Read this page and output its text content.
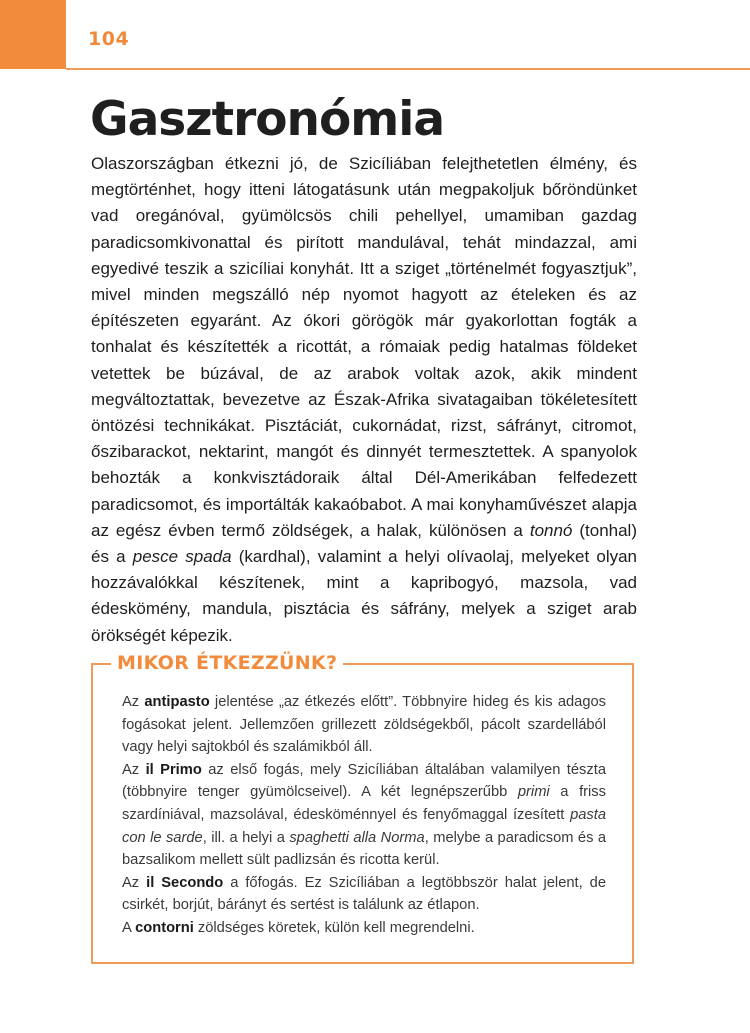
104
Gasztronómia
Olaszországban étkezni jó, de Szicíliában felejthetetlen élmény, és megtörténhet, hogy itteni látogatásunk után megpakoljuk bőröndünket vad oregánóval, gyümölcsös chili pehellyel, umamiban gazdag paradicsomkivonattal és pirított mandulával, tehát mindazzal, ami egyedivé teszik a szicíliai konyhát. Itt a sziget „történelmét fogyasztjuk”, mivel minden megszálló nép nyomot hagyott az ételeken és az építészeten egyaránt. Az ókori görögök már gyakorlottan fogták a tonhalat és készítették a ricottát, a rómaiak pedig hatalmas földeket vetettek be búzával, de az arabok voltak azok, akik mindent megváltoztattak, bevezetve az Észak-Afrika sivatagaiban tökéletesített öntözési technikákat. Pisztáciát, cukornádat, rizst, sáfrányt, citromot, őszibarackot, nektarint, mangót és dinnyét termesztettek. A spanyolok behozták a konkvisztádoraik által Dél-Amerikában felfedezett paradicsomot, és importálták kakaóbabot. A mai konyhaművészet alapja az egész évben termő zöldségek, a halak, különösen a tonnó (tonhal) és a pesce spada (kardhal), valamint a helyi olívaolaj, melyeket olyan hozzávalókkal készítenek, mint a kapribogyó, mazsola, vad édeskömény, mandula, pisztácia és sáfrány, melyek a sziget arab örökségét képezik.
MIKOR ÉTKEZZÜNK?

Az antipasto jelentése „az étkezés előtt”. Többnyire hideg és kis adagos fogásokat jelent. Jellemzően grillezett zöldségekből, pácolt szardellából vagy helyi sajtokból és szalámikból áll.

Az il Primo az első fogás, mely Szicíliában általában valamilyen tészta (többnyire tenger gyümölcseivel). A két legnépszerűbb primi a friss szardíniával, mazsolával, édesköménnyel és fenyőmaggal ízesített pasta con le sarde, ill. a helyi a spaghetti alla Norma, melybe a paradicsom és a bazsalikom mellett sült padlizsán és ricotta kerül.

Az il Secondo a főfogás. Ez Szicíliában a legtöbbször halat jelent, de csirkét, borjút, bárányt és sertést is találunk az étlapon.

A contorni zöldséges köretek, külön kell megrendelni.
